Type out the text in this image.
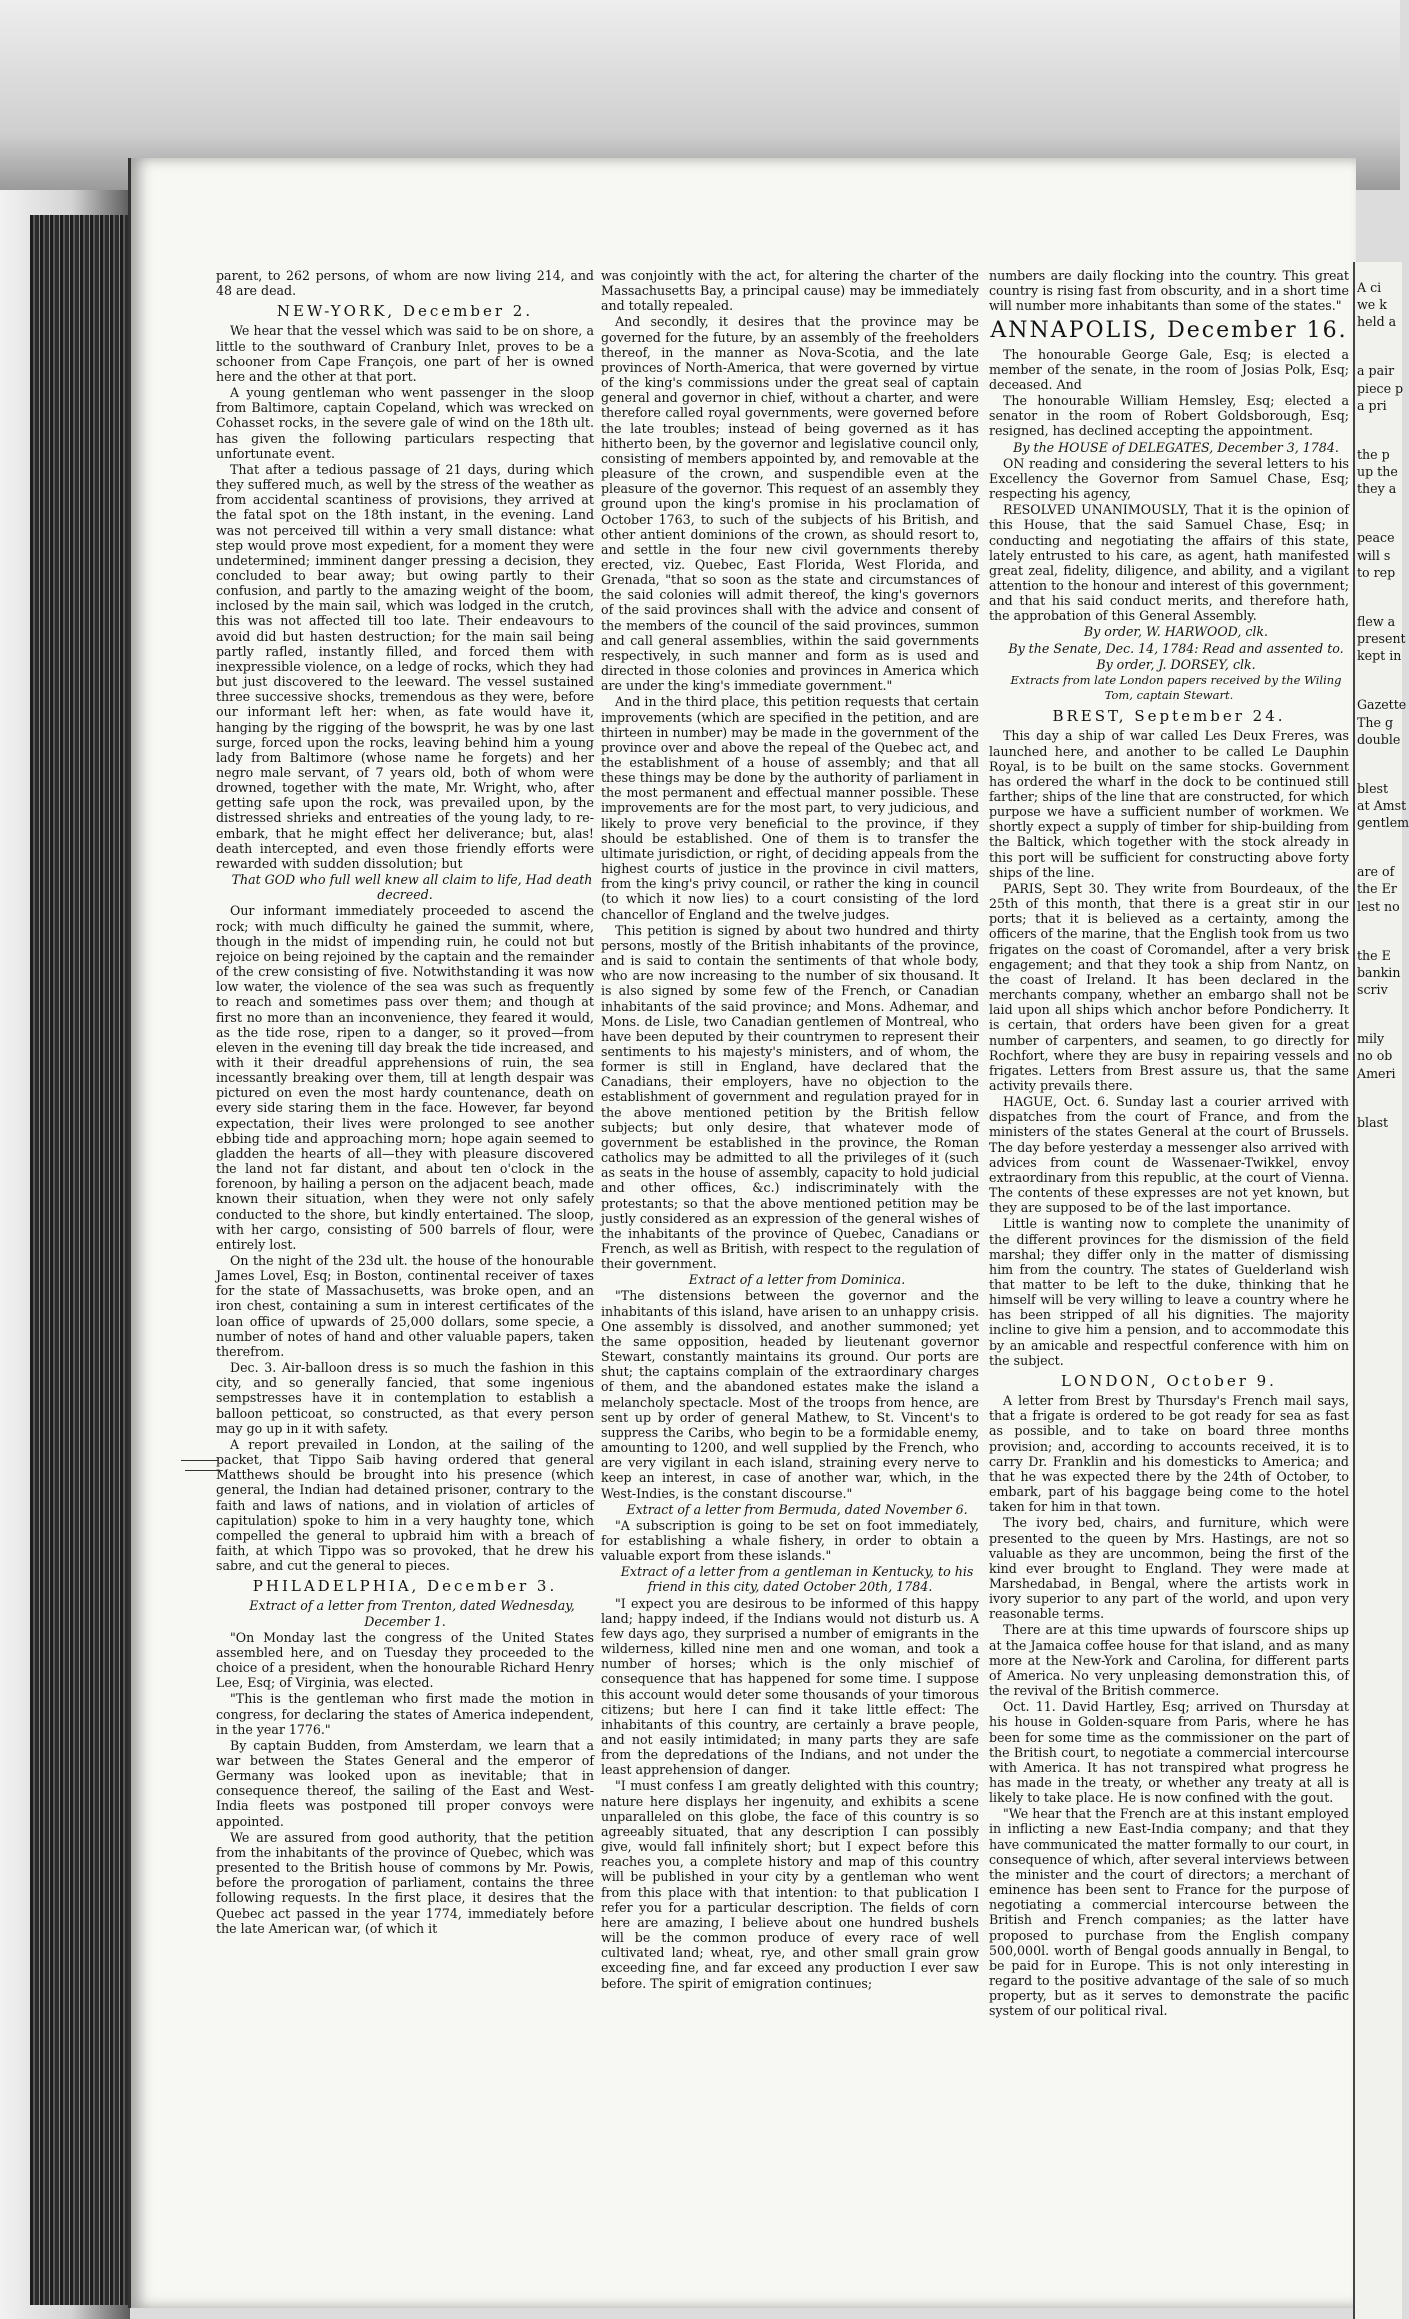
parent, to 262 persons, of whom are now living 214, and 48 are dead.

NEW-YORK, December 2.

We hear that the vessel which was said to be on shore, a little to the southward of Cranbury Inlet, proves to be a schooner from Cape François, one part of her is owned here and the other at that port.

A young gentleman who went passenger in the sloop from Baltimore, captain Copeland, which was wrecked on Cohasset rocks, in the severe gale of wind on the 18th ult. has given the following particulars respecting that unfortunate event.

That after a tedious passage of 21 days, during which they suffered much, as well by the stress of the weather as from accidental scantiness of provisions, they arrived at the fatal spot on the 18th instant, in the evening. Land was not perceived till within a very small distance: what step would prove most expedient, for a moment they were undetermined; imminent danger pressing a decision, they concluded to bear away; but owing partly to their confusion, and partly to the amazing weight of the boom, inclosed by the main sail, which was lodged in the crutch, this was not affected till too late. Their endeavours to avoid did but hasten destruction; for the main sail being partly rafled, instantly filled, and forced them with inexpressible violence, on a ledge of rocks, which they had but just discovered to the leeward. The vessel sustained three successive shocks, tremendous as they were, before our informant left her: when, as fate would have it, hanging by the rigging of the bowsprit, he was by one last surge, forced upon the rocks, leaving behind him a young lady from Baltimore (whose name he forgets) and her negro male servant, of 7 years old, both of whom were drowned, together with the mate, Mr. Wright, who, after getting safe upon the rock, was prevailed upon, by the distressed shrieks and entreaties of the young lady, to re-embark, that he might effect her deliverance; but, alas! death intercepted, and even those friendly efforts were rewarded with sudden dissolution; but

That GOD who full well knew all claim to life, Had death decreed.

Our informant immediately proceeded to ascend the rock; with much difficulty he gained the summit, where, though in the midst of impending ruin, he could not but rejoice on being rejoined by the captain and the remainder of the crew consisting of five. Notwithstanding it was now low water, the violence of the sea was such as frequently to reach and sometimes pass over them; and though at first no more than an inconvenience, they feared it would, as the tide rose, ripen to a danger, so it proved—from eleven in the evening till day break the tide increased, and with it their dreadful apprehensions of ruin, the sea incessantly breaking over them, till at length despair was pictured on even the most hardy countenance, death on every side staring them in the face. However, far beyond expectation, their lives were prolonged to see another ebbing tide and approaching morn; hope again seemed to gladden the hearts of all—they with pleasure discovered the land not far distant, and about ten o'clock in the forenoon, by hailing a person on the adjacent beach, made known their situation, when they were not only safely conducted to the shore, but kindly entertained. The sloop, with her cargo, consisting of 500 barrels of flour, were entirely lost.

On the night of the 23d ult. the house of the honourable James Lovel, Esq; in Boston, continental receiver of taxes for the state of Massachusetts, was broke open, and an iron chest, containing a sum in interest certificates of the loan office of upwards of 25,000 dollars, some specie, a number of notes of hand and other valuable papers, taken therefrom.

Dec. 3. Air-balloon dress is so much the fashion in this city, and so generally fancied, that some ingenious sempstresses have it in contemplation to establish a balloon petticoat, so constructed, as that every person may go up in it with safety.

A report prevailed in London, at the sailing of the packet, that Tippo Saib having ordered that general Matthews should be brought into his presence (which general, the Indian had detained prisoner, contrary to the faith and laws of nations, and in violation of articles of capitulation) spoke to him in a very haughty tone, which compelled the general to upbraid him with a breach of faith, at which Tippo was so provoked, that he drew his sabre, and cut the general to pieces.

PHILADELPHIA, December 3.

Extract of a letter from Trenton, dated Wednesday, December 1.

"On Monday last the congress of the United States assembled here, and on Tuesday they proceeded to the choice of a president, when the honourable Richard Henry Lee, Esq; of Virginia, was elected.

"This is the gentleman who first made the motion in congress, for declaring the states of America independent, in the year 1776."

By captain Budden, from Amsterdam, we learn that a war between the States General and the emperor of Germany was looked upon as inevitable; that in consequence thereof, the sailing of the East and West-India fleets was postponed till proper convoys were appointed.

We are assured from good authority, that the petition from the inhabitants of the province of Quebec, which was presented to the British house of commons by Mr. Powis, before the prorogation of parliament, contains the three following requests. In the first place, it desires that the Quebec act passed in the year 1774, immediately before the late American war, (of which it

was conjointly with the act, for altering the charter of the Massachusetts Bay, a principal cause) may be immediately and totally repealed.

And secondly, it desires that the province may be governed for the future, by an assembly of the freeholders thereof, in the manner as Nova-Scotia, and the late provinces of North-America, that were governed by virtue of the king's commissions under the great seal of captain general and governor in chief, without a charter, and were therefore called royal governments, were governed before the late troubles; instead of being governed as it has hitherto been, by the governor and legislative council only, consisting of members appointed by, and removable at the pleasure of the crown, and suspendible even at the pleasure of the governor. This request of an assembly they ground upon the king's promise in his proclamation of October 1763, to such of the subjects of his British, and other antient dominions of the crown, as should resort to, and settle in the four new civil governments thereby erected, viz. Quebec, East Florida, West Florida, and Grenada, "that so soon as the state and circumstances of the said colonies will admit thereof, the king's governors of the said provinces shall with the advice and consent of the members of the council of the said provinces, summon and call general assemblies, within the said governments respectively, in such manner and form as is used and directed in those colonies and provinces in America which are under the king's immediate government."

And in the third place, this petition requests that certain improvements (which are specified in the petition, and are thirteen in number) may be made in the government of the province over and above the repeal of the Quebec act, and the establishment of a house of assembly; and that all these things may be done by the authority of parliament in the most permanent and effectual manner possible. These improvements are for the most part, to very judicious, and likely to prove very beneficial to the province, if they should be established. One of them is to transfer the ultimate jurisdiction, or right, of deciding appeals from the highest courts of justice in the province in civil matters, from the king's privy council, or rather the king in council (to which it now lies) to a court consisting of the lord chancellor of England and the twelve judges.

This petition is signed by about two hundred and thirty persons, mostly of the British inhabitants of the province, and is said to contain the sentiments of that whole body, who are now increasing to the number of six thousand. It is also signed by some few of the French, or Canadian inhabitants of the said province; and Mons. Adhemar, and Mons. de Lisle, two Canadian gentlemen of Montreal, who have been deputed by their countrymen to represent their sentiments to his majesty's ministers, and of whom, the former is still in England, have declared that the Canadians, their employers, have no objection to the establishment of government and regulation prayed for in the above mentioned petition by the British fellow subjects; but only desire, that whatever mode of government be established in the province, the Roman catholics may be admitted to all the privileges of it (such as seats in the house of assembly, capacity to hold judicial and other offices, &c.) indiscriminately with the protestants; so that the above mentioned petition may be justly considered as an expression of the general wishes of the inhabitants of the province of Quebec, Canadians or French, as well as British, with respect to the regulation of their government.

Extract of a letter from Dominica.

"The distensions between the governor and the inhabitants of this island, have arisen to an unhappy crisis. One assembly is dissolved, and another summoned; yet the same opposition, headed by lieutenant governor Stewart, constantly maintains its ground. Our ports are shut; the captains complain of the extraordinary charges of them, and the abandoned estates make the island a melancholy spectacle. Most of the troops from hence, are sent up by order of general Mathew, to St. Vincent's to suppress the Caribs, who begin to be a formidable enemy, amounting to 1200, and well supplied by the French, who are very vigilant in each island, straining every nerve to keep an interest, in case of another war, which, in the West-Indies, is the constant discourse."

Extract of a letter from Bermuda, dated November 6.

"A subscription is going to be set on foot immediately, for establishing a whale fishery, in order to obtain a valuable export from these islands."

Extract of a letter from a gentleman in Kentucky, to his friend in this city, dated October 20th, 1784.

"I expect you are desirous to be informed of this happy land; happy indeed, if the Indians would not disturb us. A few days ago, they surprised a number of emigrants in the wilderness, killed nine men and one woman, and took a number of horses; which is the only mischief of consequence that has happened for some time. I suppose this account would deter some thousands of your timorous citizens; but here I can find it take little effect: The inhabitants of this country, are certainly a brave people, and not easily intimidated; in many parts they are safe from the depredations of the Indians, and not under the least apprehension of danger.

"I must confess I am greatly delighted with this country; nature here displays her ingenuity, and exhibits a scene unparalleled on this globe, the face of this country is so agreeably situated, that any description I can possibly give, would fall infinitely short; but I expect before this reaches you, a complete history and map of this country will be published in your city by a gentleman who went from this place with that intention: to that publication I refer you for a particular description. The fields of corn here are amazing, I believe about one hundred bushels will be the common produce of every race of well cultivated land; wheat, rye, and other small grain grow exceeding fine, and far exceed any production I ever saw before. The spirit of emigration continues;

numbers are daily flocking into the country. This great country is rising fast from obscurity, and in a short time will number more inhabitants than some of the states."

ANNAPOLIS, December 16.

The honourable George Gale, Esq; is elected a member of the senate, in the room of Josias Polk, Esq; deceased. And

The honourable William Hemsley, Esq; elected a senator in the room of Robert Goldsborough, Esq; resigned, has declined accepting the appointment.

By the HOUSE of DELEGATES, December 3, 1784.

ON reading and considering the several letters to his Excellency the Governor from Samuel Chase, Esq; respecting his agency,

RESOLVED UNANIMOUSLY, That it is the opinion of this House, that the said Samuel Chase, Esq; in conducting and negotiating the affairs of this state, lately entrusted to his care, as agent, hath manifested great zeal, fidelity, diligence, and ability, and a vigilant attention to the honour and interest of this government; and that his said conduct merits, and therefore hath, the approbation of this General Assembly.

By order, W. HARWOOD, clk.

By the Senate, Dec. 14, 1784: Read and assented to.

By order, J. DORSEY, clk.

Extracts from late London papers received by the Wiling Tom, captain Stewart.

BREST, September 24.

This day a ship of war called Les Deux Freres, was launched here, and another to be called Le Dauphin Royal, is to be built on the same stocks. Government has ordered the wharf in the dock to be continued still farther; ships of the line that are constructed, for which purpose we have a sufficient number of workmen. We shortly expect a supply of timber for ship-building from the Baltick, which together with the stock already in this port will be sufficient for constructing above forty ships of the line.

PARIS, Sept 30. They write from Bourdeaux, of the 25th of this month, that there is a great stir in our ports; that it is believed as a certainty, among the officers of the marine, that the English took from us two frigates on the coast of Coromandel, after a very brisk engagement; and that they took a ship from Nantz, on the coast of Ireland. It has been declared in the merchants company, whether an embargo shall not be laid upon all ships which anchor before Pondicherry. It is certain, that orders have been given for a great number of carpenters, and seamen, to go directly for Rochfort, where they are busy in repairing vessels and frigates. Letters from Brest assure us, that the same activity prevails there.

HAGUE, Oct. 6. Sunday last a courier arrived with dispatches from the court of France, and from the ministers of the states General at the court of Brussels. The day before yesterday a messenger also arrived with advices from count de Wassenaer-Twikkel, envoy extraordinary from this republic, at the court of Vienna. The contents of these expresses are not yet known, but they are supposed to be of the last importance.

Little is wanting now to complete the unanimity of the different provinces for the dismission of the field marshal; they differ only in the matter of dismissing him from the country. The states of Guelderland wish that matter to be left to the duke, thinking that he himself will be very willing to leave a country where he has been stripped of all his dignities. The majority incline to give him a pension, and to accommodate this by an amicable and respectful conference with him on the subject.

LONDON, October 9.

A letter from Brest by Thursday's French mail says, that a frigate is ordered to be got ready for sea as fast as possible, and to take on board three months provision; and, according to accounts received, it is to carry Dr. Franklin and his domesticks to America; and that he was expected there by the 24th of October, to embark, part of his baggage being come to the hotel taken for him in that town.

The ivory bed, chairs, and furniture, which were presented to the queen by Mrs. Hastings, are not so valuable as they are uncommon, being the first of the kind ever brought to England. They were made at Marshedabad, in Bengal, where the artists work in ivory superior to any part of the world, and upon very reasonable terms.

There are at this time upwards of fourscore ships up at the Jamaica coffee house for that island, and as many more at the New-York and Carolina, for different parts of America. No very unpleasing demonstration this, of the revival of the British commerce.

Oct. 11. David Hartley, Esq; arrived on Thursday at his house in Golden-square from Paris, where he has been for some time as the commissioner on the part of the British court, to negotiate a commercial intercourse with America. It has not transpired what progress he has made in the treaty, or whether any treaty at all is likely to take place. He is now confined with the gout.

"We hear that the French are at this instant employed in inflicting a new East-India company; and that they have communicated the matter formally to our court, in consequence of which, after several interviews between the minister and the court of directors; a merchant of eminence has been sent to France for the purpose of negotiating a commercial intercourse between the British and French companies; as the latter have proposed to purchase from the English company 500,000l. worth of Bengal goods annually in Bengal, to be paid for in Europe. This is not only interesting in regard to the positive advantage of the sale of so much property, but as it serves to demonstrate the pacific system of our political rival.

A ci
we k
held a
a pair
piece p
a pri
the p
up the
they a
peace
will s
to rep
flew a
present
kept in
Gazette
The g
double
blest
at Amst
gentlem
are of
the Er
lest no
the E
bankin
scriv
mily
no ob
Ameri
blast
